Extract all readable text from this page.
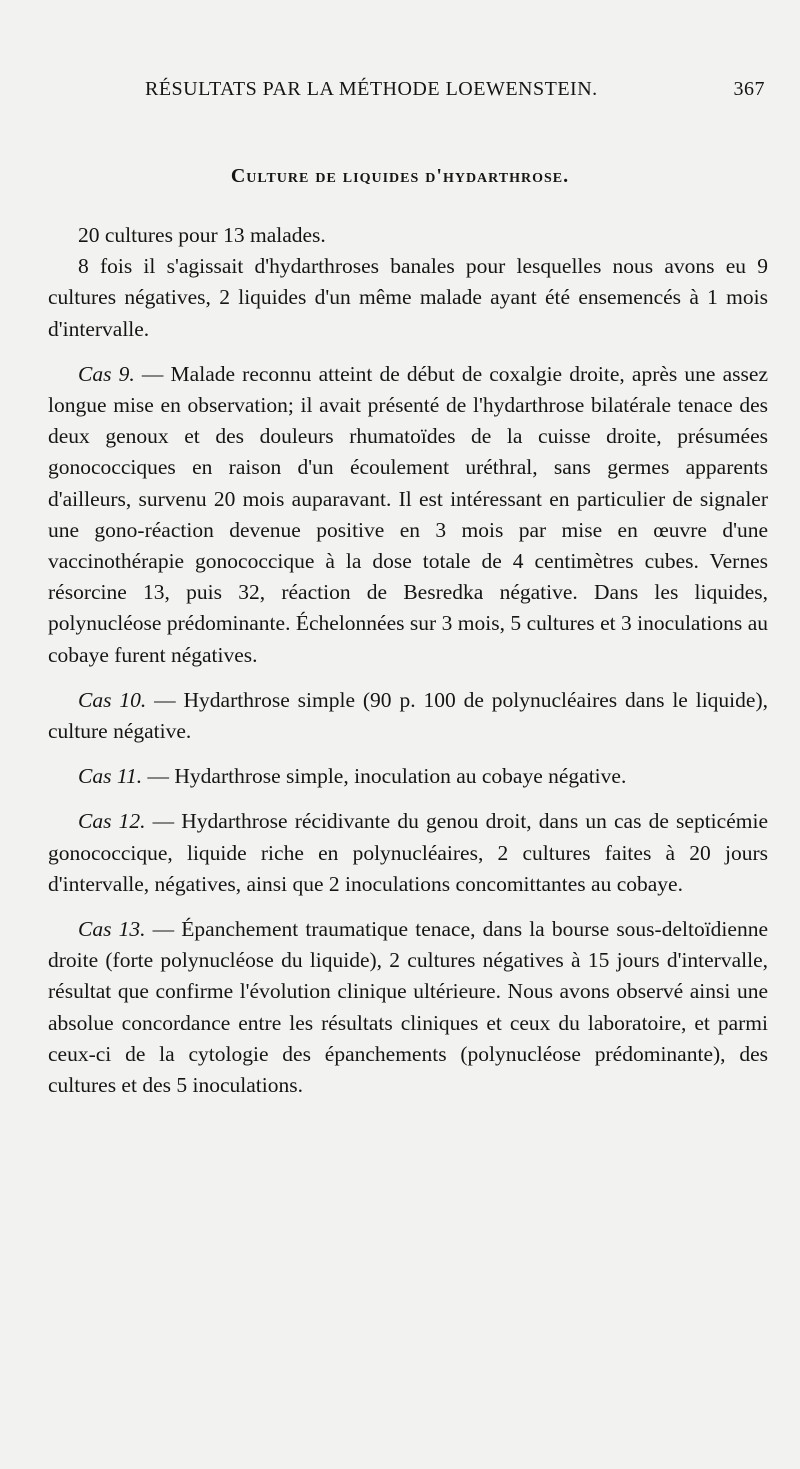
RÉSULTATS PAR LA MÉTHODE LOEWENSTEIN.	367
Culture de liquides d'hydarthrose.

20 cultures pour 13 malades.

8 fois il s'agissait d'hydarthroses banales pour lesquelles nous avons eu 9 cultures négatives, 2 liquides d'un même malade ayant été ensemencés à 1 mois d'intervalle.

Cas 9. — Malade reconnu atteint de début de coxalgie droite, après une assez longue mise en observation; il avait présenté de l'hydarthrose bilatérale tenace des deux genoux et des douleurs rhumatoïdes de la cuisse droite, présumées gonococciques en raison d'un écoulement uréthral, sans germes apparents d'ailleurs, survenu 20 mois auparavant. Il est intéressant en particulier de signaler une gono-réaction devenue positive en 3 mois par mise en œuvre d'une vaccinothérapie gonococcique à la dose totale de 4 centimètres cubes. Vernes résorcine 13, puis 32, réaction de Besredka négative. Dans les liquides, polynucléose prédominante. Échelonnées sur 3 mois, 5 cultures et 3 inoculations au cobaye furent négatives.

Cas 10. — Hydarthrose simple (90 p. 100 de polynucléaires dans le liquide), culture négative.

Cas 11. — Hydarthrose simple, inoculation au cobaye négative.

Cas 12. — Hydarthrose récidivante du genou droit, dans un cas de septicémie gonococcique, liquide riche en polynucléaires, 2 cultures faites à 20 jours d'intervalle, négatives, ainsi que 2 inoculations concomittantes au cobaye.

Cas 13. — Épanchement traumatique tenace, dans la bourse sous-deltoïdienne droite (forte polynucléose du liquide), 2 cultures négatives à 15 jours d'intervalle, résultat que confirme l'évolution clinique ultérieure. Nous avons observé ainsi une absolue concordance entre les résultats cliniques et ceux du laboratoire, et parmi ceux-ci de la cytologie des épanchements (polynucléose prédominante), des cultures et des 5 inoculations.
